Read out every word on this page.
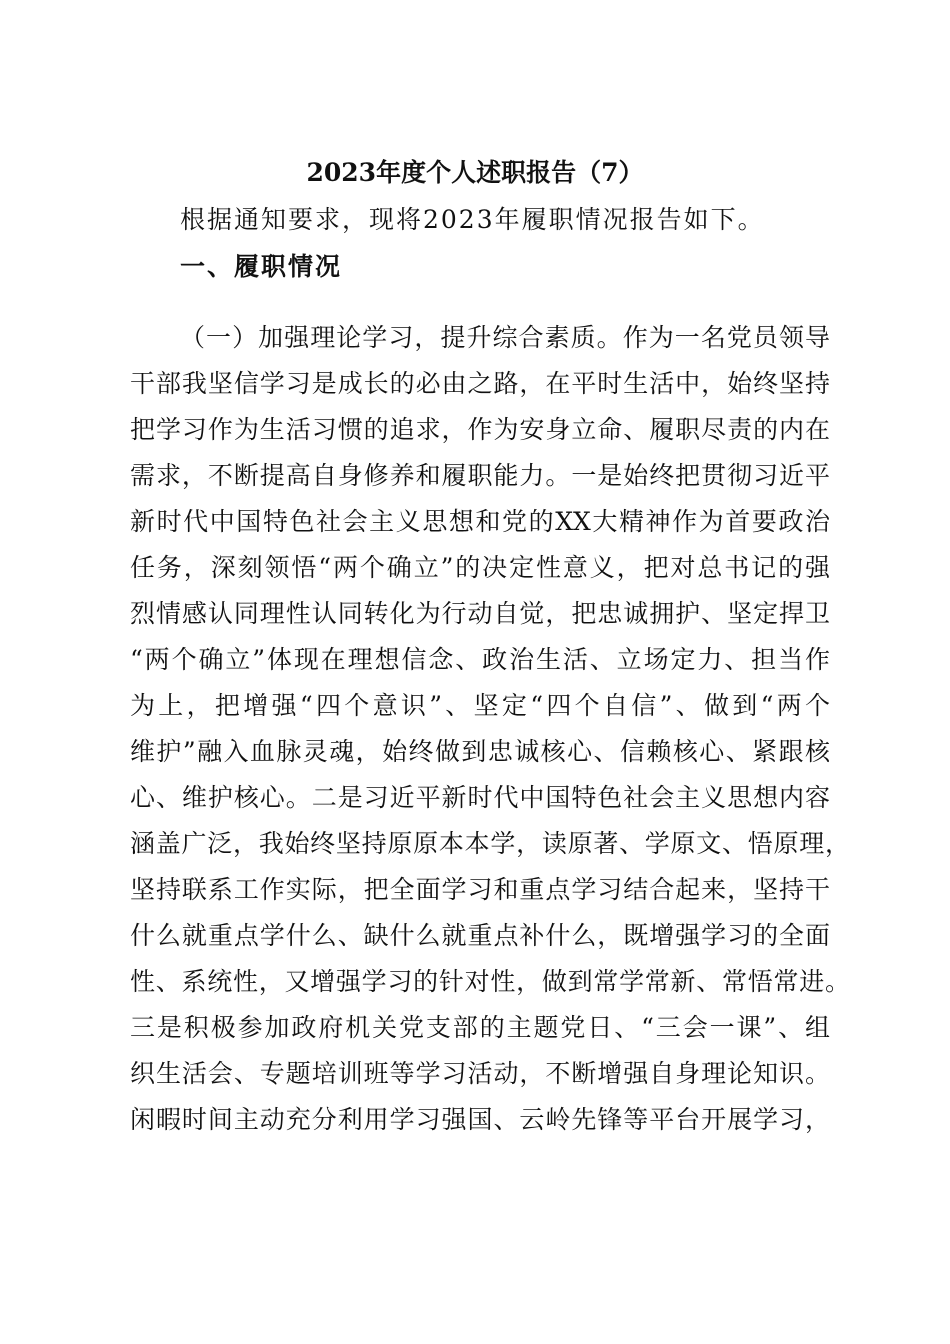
2023年度个人述职报告（7）
根据通知要求，现将2023年履职情况报告如下。
一、履职情况
（一）加强理论学习，提升综合素质。作为一名党员领导
干部我坚信学习是成长的必由之路，在平时生活中，始终坚持
把学习作为生活习惯的追求，作为安身立命、履职尽责的内在
需求，不断提高自身修养和履职能力。一是始终把贯彻习近平
新时代中国特色社会主义思想和党的XX大精神作为首要政治
任务，深刻领悟“两个确立”的决定性意义，把对总书记的强
烈情感认同理性认同转化为行动自觉，把忠诚拥护、坚定捍卫
“两个确立”体现在理想信念、政治生活、立场定力、担当作
为上，把增强“四个意识”、坚定“四个自信”、做到“两个
维护”融入血脉灵魂，始终做到忠诚核心、信赖核心、紧跟核
心、维护核心。二是习近平新时代中国特色社会主义思想内容
涵盖广泛，我始终坚持原原本本学，读原著、学原文、悟原理，
坚持联系工作实际，把全面学习和重点学习结合起来，坚持干
什么就重点学什么、缺什么就重点补什么，既增强学习的全面
性、系统性，又增强学习的针对性，做到常学常新、常悟常进。
三是积极参加政府机关党支部的主题党日、“三会一课”、组
织生活会、专题培训班等学习活动，不断增强自身理论知识。
闲暇时间主动充分利用学习强国、云岭先锋等平台开展学习，
